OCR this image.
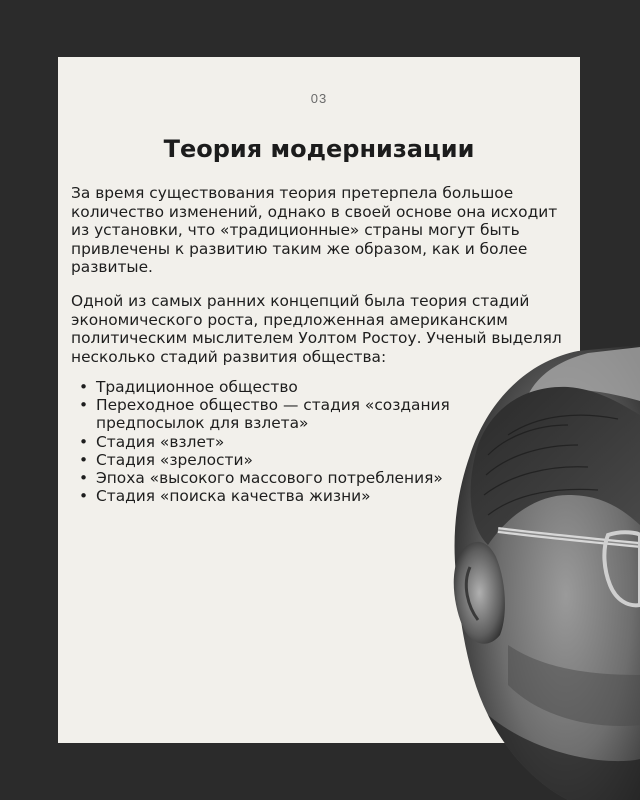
03
Теория модернизации

За время существования теория претерпела большое количество изменений, однако в своей основе она исходит из установки, что «традиционные» страны могут быть привлечены к развитию таким же образом, как и более развитые.

Одной из самых ранних концепций была теория стадий экономического роста, предложенная американским политическим мыслителем Уолтом Ростоу. Ученый выделял несколько стадий развития общества:

• Традиционное общество
• Переходное общество — стадия «создания предпосылок для взлета»
• Стадия «взлет»
• Стадия «зрелости»
• Эпоха «высокого массового потребления»
• Стадия «поиска качества жизни»
